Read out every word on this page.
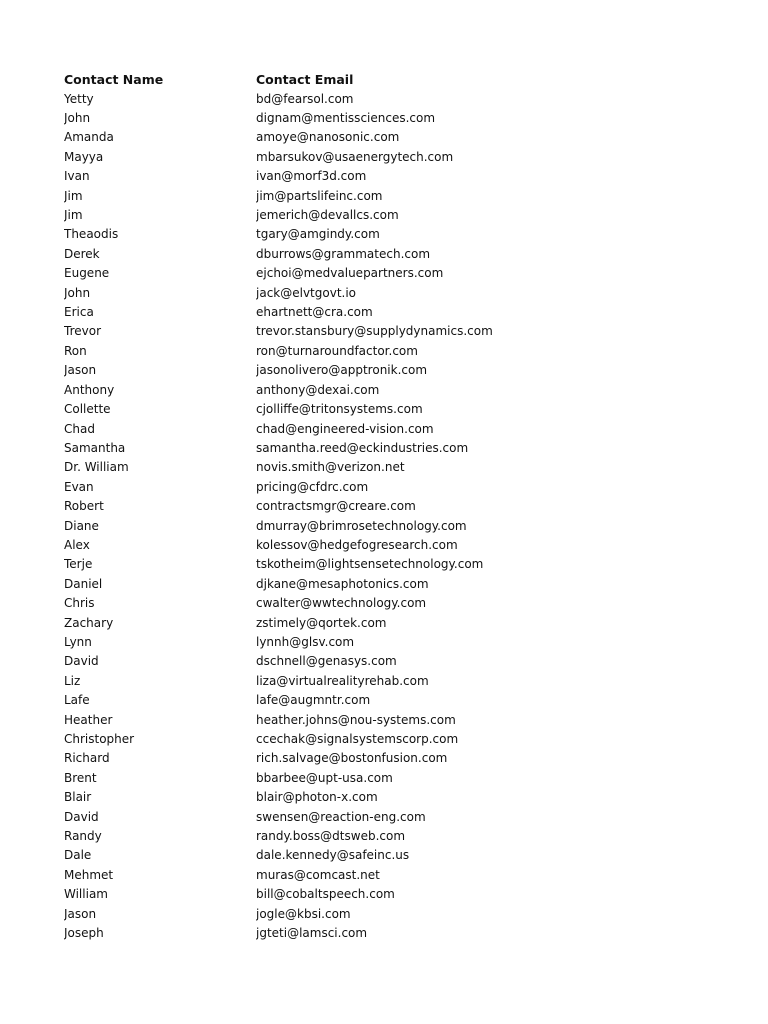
Contact Name	Contact Email
Yetty	bd@fearsol.com
John	dignam@mentissciences.com
Amanda	amoye@nanosonic.com
Mayya	mbarsukov@usaenergytech.com
Ivan	ivan@morf3d.com
Jim	jim@partslifeinc.com
Jim	jemerich@devallcs.com
Theaodis	tgary@amgindy.com
Derek	dburrows@grammatech.com
Eugene	ejchoi@medvaluepartners.com
John	jack@elvtgovt.io
Erica	ehartnett@cra.com
Trevor	trevor.stansbury@supplydynamics.com
Ron	ron@turnaroundfactor.com
Jason	jasonolivero@apptronik.com
Anthony	anthony@dexai.com
Collette	cjolliffe@tritonsystems.com
Chad	chad@engineered-vision.com
Samantha	samantha.reed@eckindustries.com
Dr. William	novis.smith@verizon.net
Evan	pricing@cfdrc.com
Robert	contractsmgr@creare.com
Diane	dmurray@brimrosetechnology.com
Alex	kolessov@hedgefogresearch.com
Terje	tskotheim@lightsensetechnology.com
Daniel	djkane@mesaphotonics.com
Chris	cwalter@wwtechnology.com
Zachary	zstimely@qortek.com
Lynn	lynnh@glsv.com
David	dschnell@genasys.com
Liz	liza@virtualrealityrehab.com
Lafe	lafe@augmntr.com
Heather	heather.johns@nou-systems.com
Christopher	ccechak@signalsystemscorp.com
Richard	rich.salvage@bostonfusion.com
Brent	bbarbee@upt-usa.com
Blair	blair@photon-x.com
David	swensen@reaction-eng.com
Randy	randy.boss@dtsweb.com
Dale	dale.kennedy@safeinc.us
Mehmet	muras@comcast.net
William	bill@cobaltspeech.com
Jason	jogle@kbsi.com
Joseph	jgteti@lamsci.com
